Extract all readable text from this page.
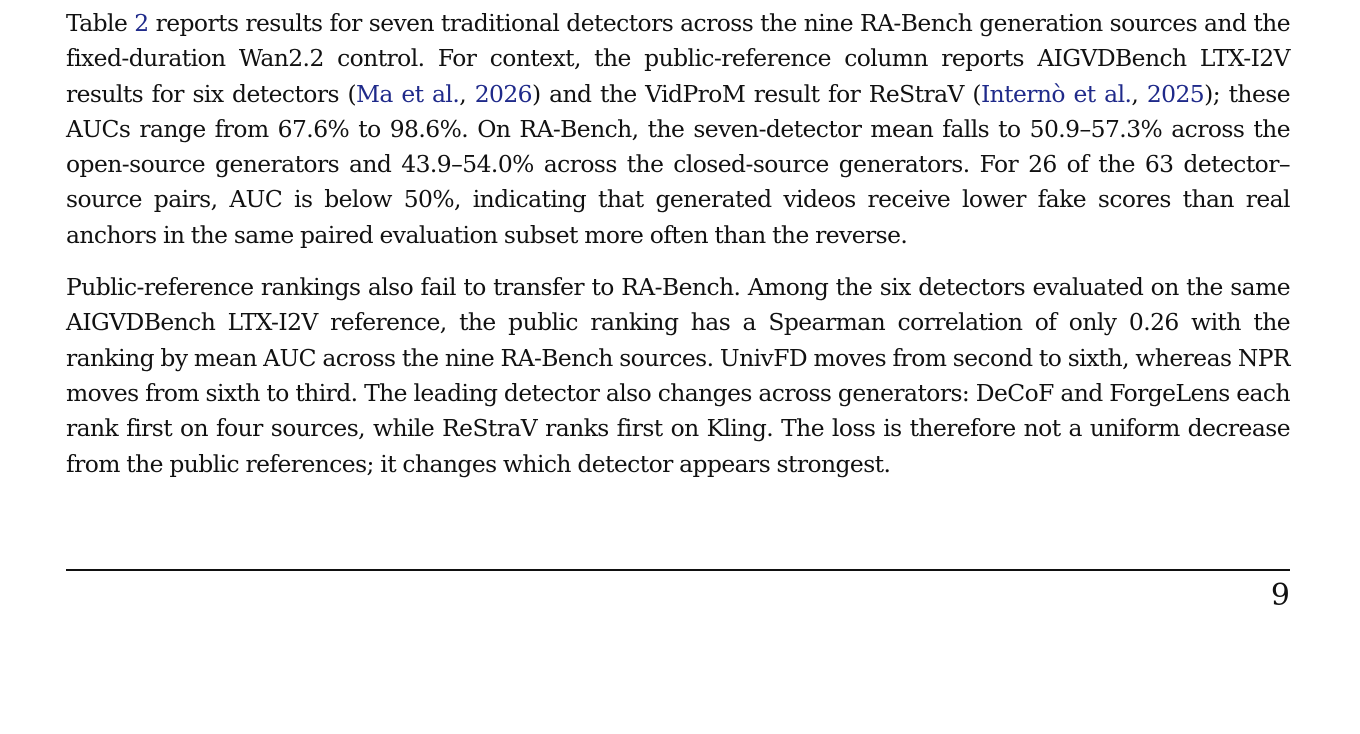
Table 2 reports results for seven traditional detectors across the nine RA-Bench generation sources and the fixed-duration Wan2.2 control. For context, the public-reference column reports AIGVDBench LTX-I2V results for six detectors (Ma et al., 2026) and the VidProM result for ReStraV (Internò et al., 2025); these AUCs range from 67.6% to 98.6%. On RA-Bench, the seven-detector mean falls to 50.9–57.3% across the open-source generators and 43.9–54.0% across the closed-source generators. For 26 of the 63 detector–source pairs, AUC is below 50%, indicating that generated videos receive lower fake scores than real anchors in the same paired evaluation subset more often than the reverse.

Public-reference rankings also fail to transfer to RA-Bench. Among the six detectors evaluated on the same AIGVDBench LTX-I2V reference, the public ranking has a Spearman correlation of only 0.26 with the ranking by mean AUC across the nine RA-Bench sources. UnivFD moves from second to sixth, whereas NPR moves from sixth to third. The leading detector also changes across generators: DeCoF and ForgeLens each rank first on four sources, while ReStraV ranks first on Kling. The loss is therefore not a uniform decrease from the public references; it changes which detector appears strongest.

9
